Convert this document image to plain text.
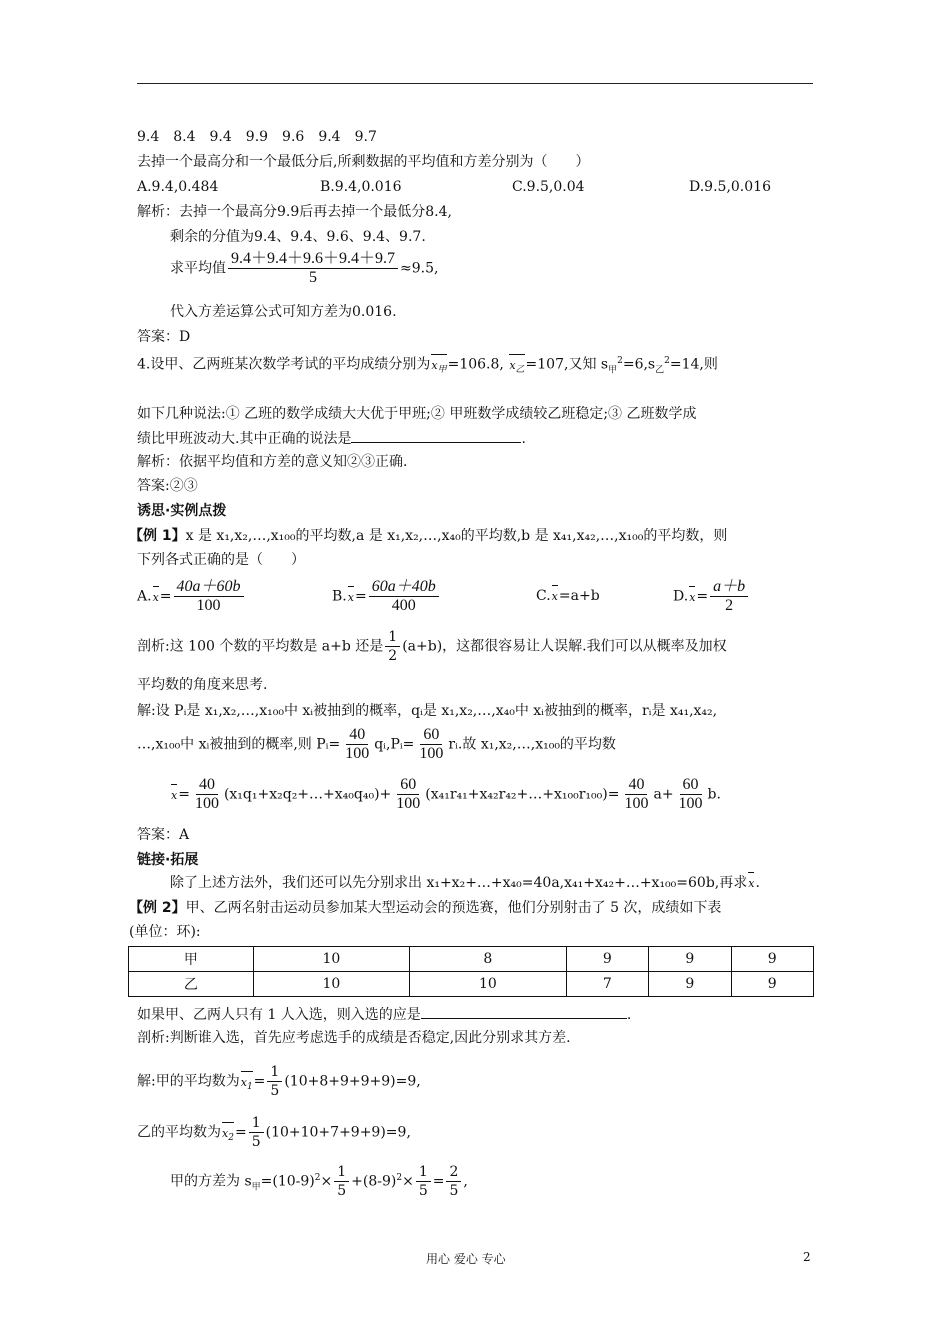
9.4　8.4　9.4　9.9　9.6　9.4　9.7
去掉一个最高分和一个最低分后,所剩数据的平均值和方差分别为（　　）
A.9.4,0.484	B.9.4,0.016	C.9.5,0.04	D.9.5,0.016
解析：去掉一个最高分9.9后再去掉一个最低分8.4,
剩余的分值为9.4、9.4、9.6、9.4、9.7.
求平均值 $\frac{9.4+9.4+9.6+9.4+9.7}{5} \approx 9.5$,
代入方差运算公式可知方差为0.016.
答案：D
4.设甲、乙两班某次数学考试的平均成绩分别为$x_甲=106.8$, $x_乙=107$,又知 $s_甲^2=6,s_乙^2=14$,则
如下几种说法:① 乙班的数学成绩大大优于甲班;② 甲班数学成绩较乙班稳定;③ 乙班数学成
绩比甲班波动大.其中正确的说法是	.
解析：依据平均值和方差的意义知②③正确.
答案:②③
诱思·实例点拨
【例 1】x 是 x₁,x₂,…,x₁₀₀的平均数,a 是 x₁,x₂,…,x₄₀的平均数,b 是 x₄₁,x₄₂,…,x₁₀₀的平均数，则
下列各式正确的是（　　）
$A.x= \frac{40a+60b}{100}$	$B.x= \frac{60a+40b}{400}$	C.x=a+b	$D.x= \frac{a+b}{2}$
剖析:这 100 个数的平均数是 a+b 还是 $\frac{1}{2} (a+b)$，这都很容易让人误解.我们可以从概率及加权
平均数的角度来思考.
解:设 Pᵢ是 x₁,x₂,…,x₁₀₀中 xᵢ被抽到的概率，qᵢ是 x₁,x₂,…,x₄₀中 xᵢ被抽到的概率，rᵢ是 x₄₁,x₄₂,
…,x₁₀₀中 xᵢ被抽到的概率,则 Pᵢ= $\frac{40}{100}$ qᵢ,Pᵢ= $\frac{60}{100}$ rᵢ.故 x₁,x₂,…,x₁₀₀的平均数
$x= \frac{40}{100}$ (x₁q₁+x₂q₂+…+x₄₀q₄₀)+ $\frac{60}{100}$ (x₄₁r₄₁+x₄₂r₄₂+…+x₁₀₀r₁₀₀)= $\frac{40}{100} a+ \frac{60}{100} b$.
答案：A
链接·拓展
除了上述方法外，我们还可以先分别求出 x₁+x₂+…+x₄₀=40a,x₄₁+x₄₂+…+x₁₀₀=60b,再求x.
【例 2】甲、乙两名射击运动员参加某大型运动会的预选赛，他们分别射击了 5 次，成绩如下表
(单位：环):
甲	10	8	9	9	9
乙	10	10	7	9	9
如果甲、乙两人只有 1 人入选，则入选的应是	.
剖析:判断谁入选，首先应考虑选手的成绩是否稳定,因此分别求其方差.
解:甲的平均数为$x_1= \frac{1}{5} (10+8+9+9+9)=9$,
乙的平均数为$x_2= \frac{1}{5} (10+10+7+9+9)=9$,
甲的方差为 $s_甲=(10-9)^2\times \frac{1}{5} +(8-9)^2\times \frac{1}{5} = \frac{2}{5}$ ,
用心 爱心 专心	2
